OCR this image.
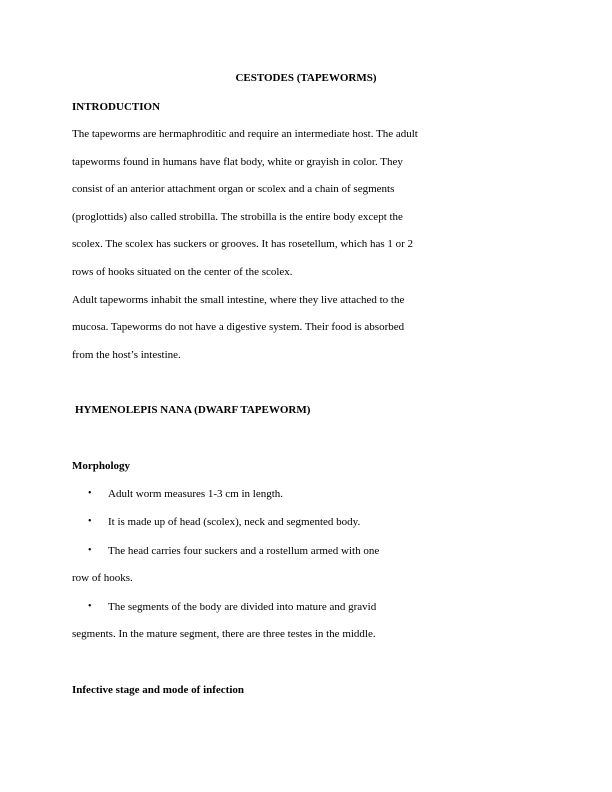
CESTODES (TAPEWORMS)
INTRODUCTION
The tapeworms are hermaphroditic and require an intermediate host. The adult
tapeworms found in humans have flat body, white or grayish in color. They
consist of an anterior attachment organ or scolex and a chain of segments
(proglottids) also called strobilla. The strobilla is the entire body except the
scolex. The scolex has suckers or grooves. It has rosetellum, which has 1 or 2
rows of hooks situated on the center of the scolex.
Adult tapeworms inhabit the small intestine, where they live attached to the
mucosa. Tapeworms do not have a digestive system. Their food is absorbed
from the host’s intestine.
HYMENOLEPIS NANA (DWARF TAPEWORM)
Morphology
• Adult worm measures 1-3 cm in length.
• It is made up of head (scolex), neck and segmented body.
• The head carries four suckers and a rostellum armed with one
row of hooks.
• The segments of the body are divided into mature and gravid
segments. In the mature segment, there are three testes in the middle.
Infective stage and mode of infection
